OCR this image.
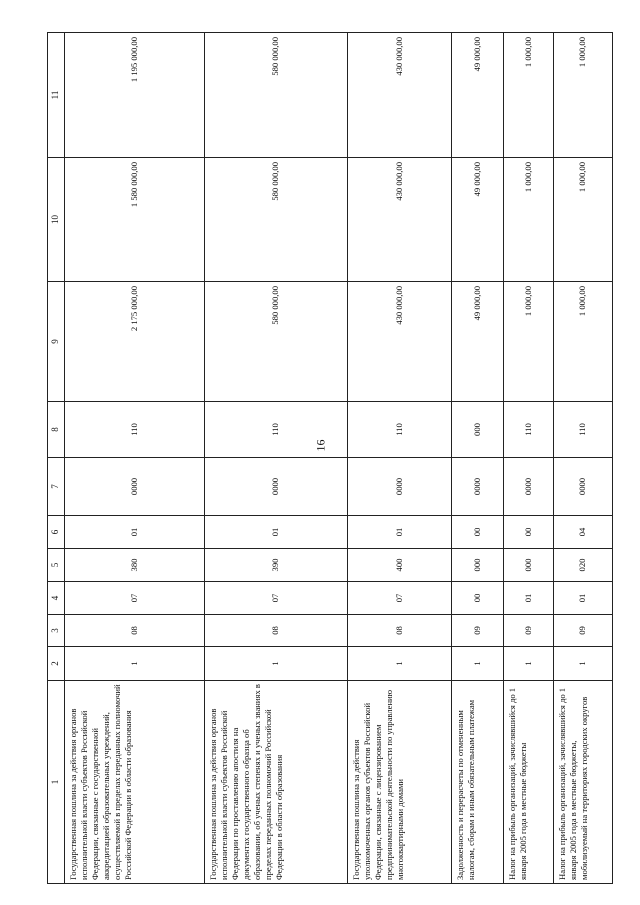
16
1	2	3	4	5	6	7	8	9	10	11
Государственная пошлина за действия органов исполнительной власти субъектов Российской Федерации, связанные с государственной аккредитацией образовательных учреждений, осуществляемой в пределах переданных полномочий Российской Федерации в области образования	1	08	07	380	01	0000	110	2 175 000,00	1 580 000,00	1 195 000,00
Государственная пошлина за действия органов исполнительной власти субъектов Российской Федерации по проставлению апостиля на документах государственного образца об образовании, об ученых степенях и ученых званиях в пределах переданных полномочий Российской Федерации в области образования	1	08	07	390	01	0000	110	580 000,00	580 000,00	580 000,00
Государственная пошлина за действия уполномоченных органов субъектов Российской Федерации, связанные с лицензированием предпринимательской деятельности по управлению многоквартирными домами	1	08	07	400	01	0000	110	430 000,00	430 000,00	430 000,00
Задолженность и перерасчеты по отмененным налогам, сборам и иным обязательным платежам	1	09	00	000	00	0000	000	49 000,00	49 000,00	49 000,00
Налог на прибыль организаций, зачислявшийся до 1 января 2005 года в местные бюджеты	1	09	01	000	00	0000	110	1 000,00	1 000,00	1 000,00
Налог на прибыль организаций, зачислявшийся до 1 января 2005 года в местные бюджеты, мобилизуемый на территориях городских округов	1	09	01	020	04	0000	110	1 000,00	1 000,00	1 000,00
